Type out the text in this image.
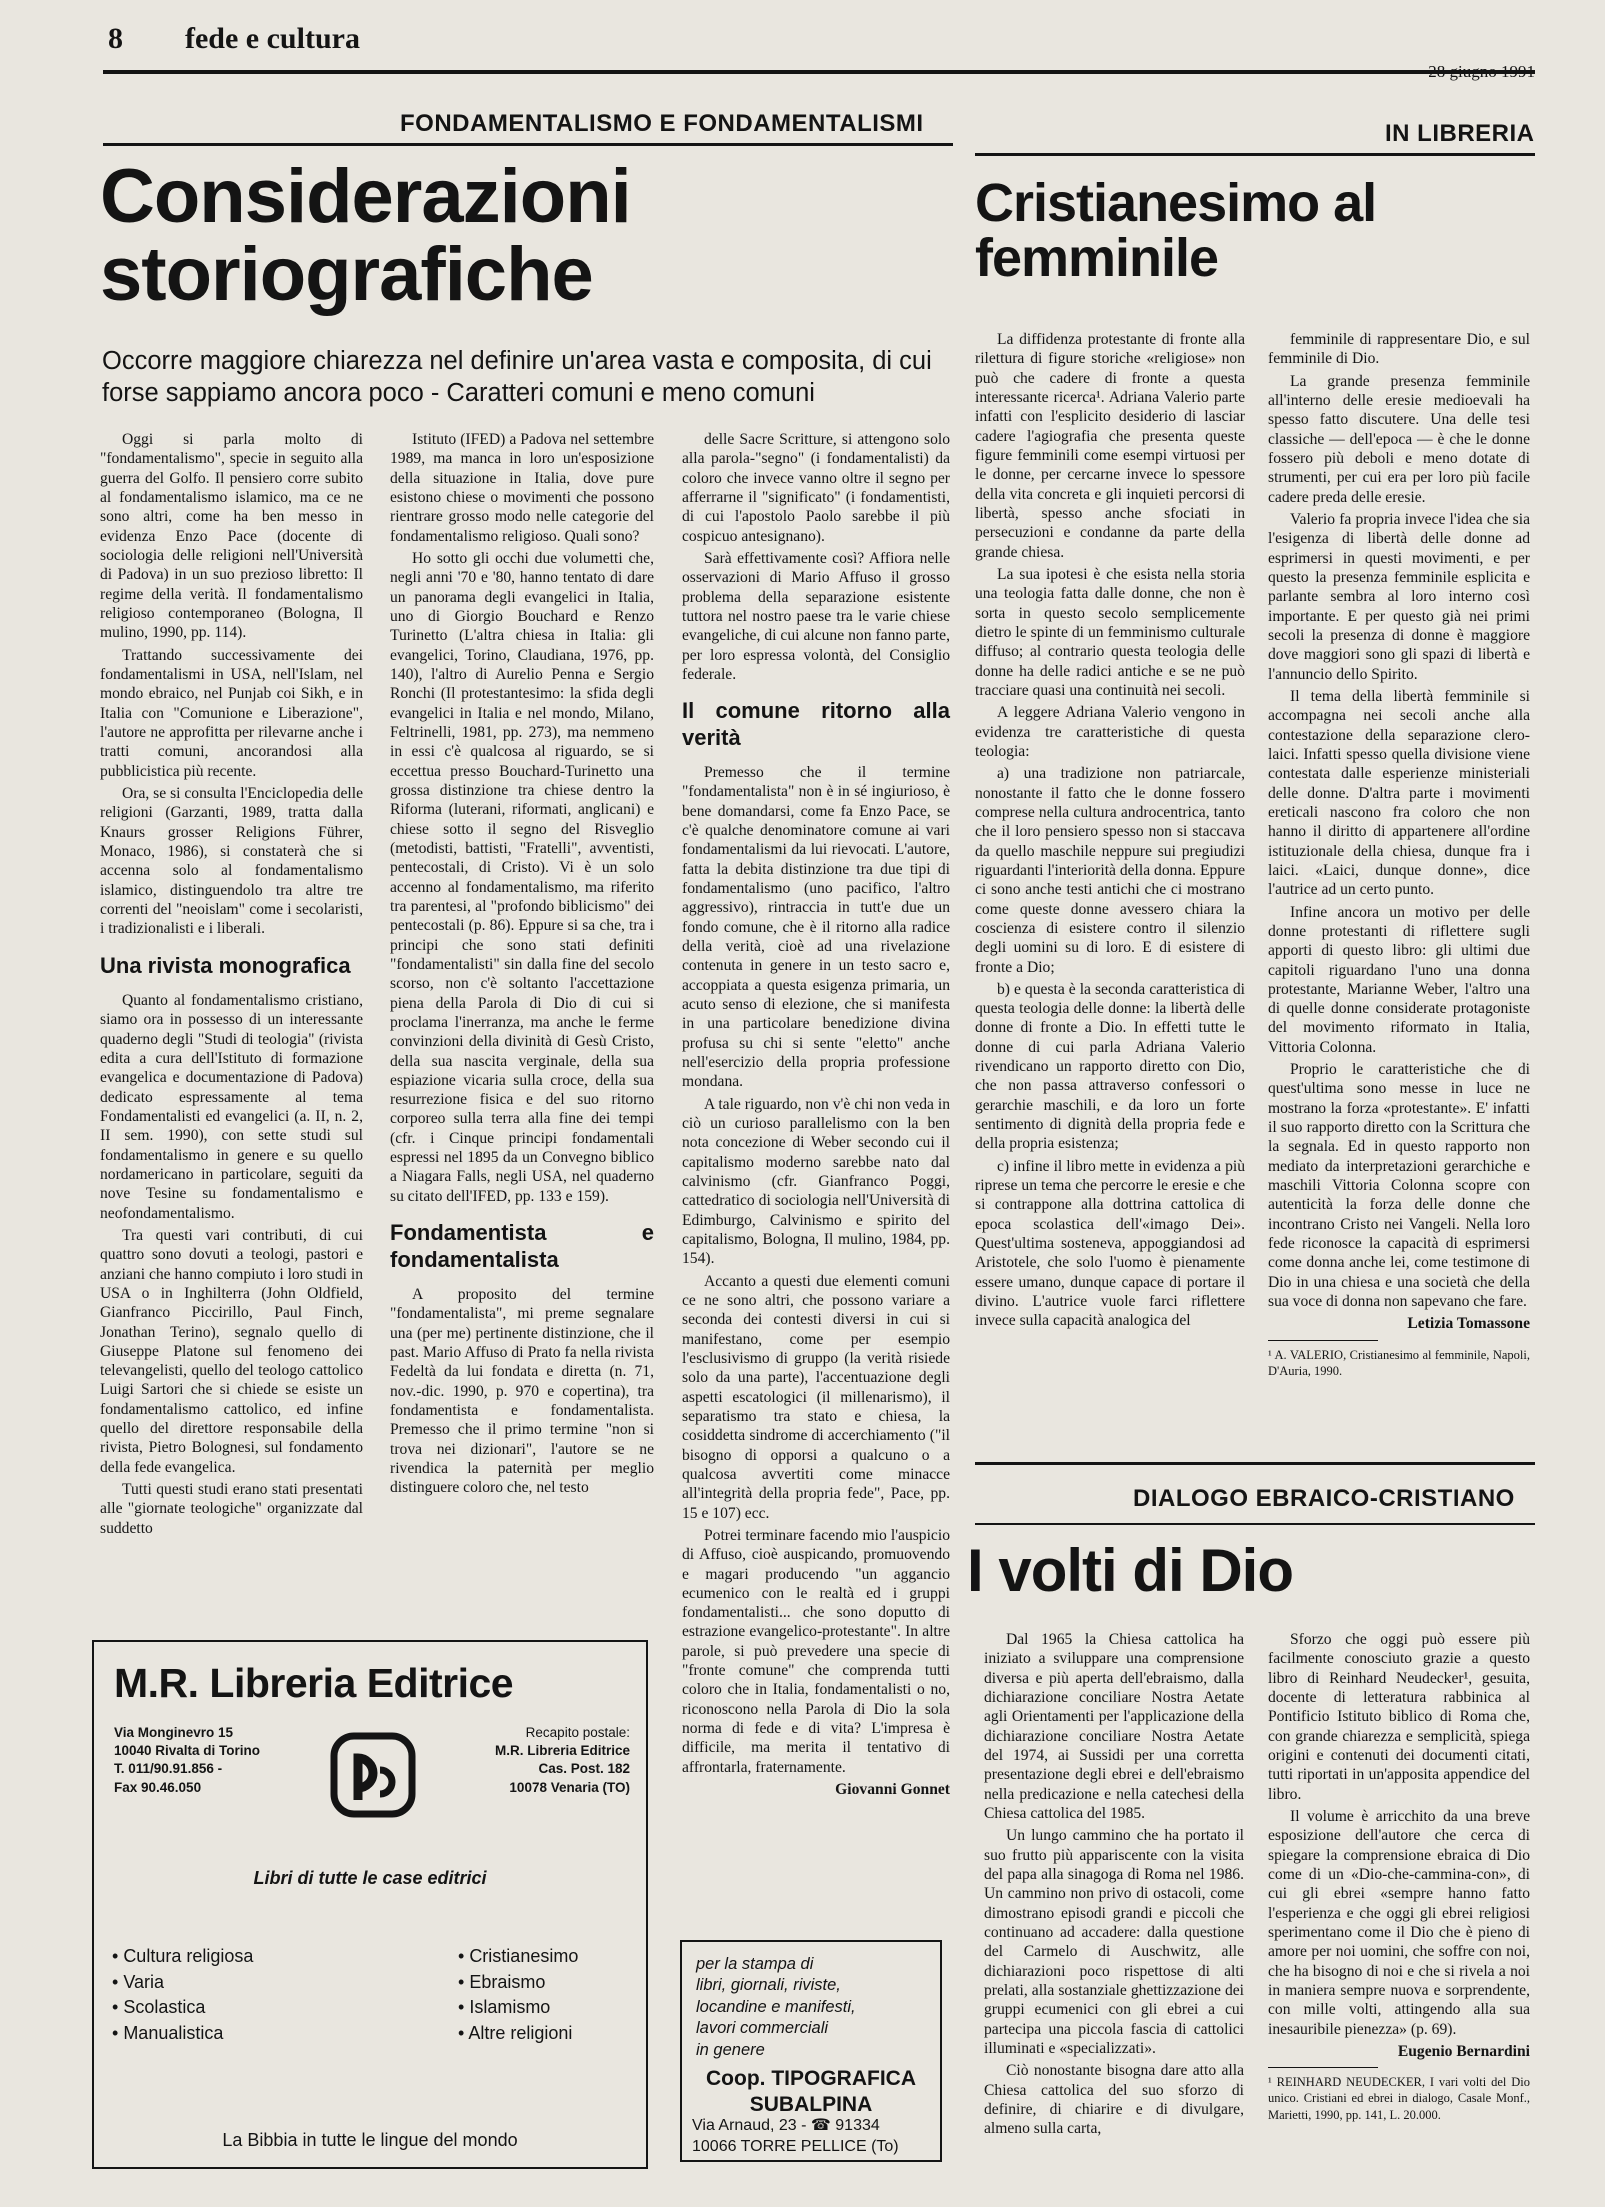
8 fede e cultura
FONDAMENTALISMO E FONDAMENTALISMI
Considerazioni storiografiche
Occorre maggiore chiarezza nel definire un'area vasta e composita, di cui forse sappiamo ancora poco - Caratteri comuni e meno comuni

Oggi si parla molto di "fondamentalismo", specie in seguito alla guerra del Golfo. Il pensiero corre subito al fondamentalismo islamico, ma ce ne sono altri, come ha ben messo in evidenza Enzo Pace (docente di sociologia delle religioni nell'Università di Padova) in un suo prezioso libretto: Il regime della verità. Il fondamentalismo religioso contemporaneo (Bologna, Il mulino, 1990, pp. 114).

Trattando successivamente dei fondamentalismi in USA, nell'Islam, nel mondo ebraico, nel Punjab coi Sikh, e in Italia con "Comunione e Liberazione", l'autore ne approfitta per rilevarne anche i tratti comuni, ancorandosi alla pubblicistica più recente.

Ora, se si consulta l'Enciclopedia delle religioni (Garzanti, 1989, tratta dalla Knaurs grosser Religions Führer, Monaco, 1986), si constaterà che si accenna solo al fondamentalismo islamico, distinguendolo tra altre tre correnti del "neoislam" come i secolaristi, i tradizionalisti e i liberali.

Una rivista monografica

Quanto al fondamentalismo cristiano, siamo ora in possesso di un interessante quaderno degli "Studi di teologia" (rivista edita a cura dell'Istituto di formazione evangelica e documentazione di Padova) dedicato espressamente al tema Fondamentalisti ed evangelici (a. II, n. 2, II sem. 1990), con sette studi sul fondamentalismo in genere e su quello nordamericano in particolare, seguiti da nove Tesine su fondamentalismo e neofondamentalismo.

Tra questi vari contributi, di cui quattro sono dovuti a teologi, pastori e anziani che hanno compiuto i loro studi in USA o in Inghilterra (John Oldfield, Gianfranco Piccirillo, Paul Finch, Jonathan Terino), segnalo quello di Giuseppe Platone sul fenomeno dei televangelisti, quello del teologo cattolico Luigi Sartori che si chiede se esiste un fondamentalismo cattolico, ed infine quello del direttore responsabile della rivista, Pietro Bolognesi, sul fondamento della fede evangelica.

Tutti questi studi erano stati presentati alle "giornate teologiche" organizzate dal suddetto

Istituto (IFED) a Padova nel settembre 1989, ma manca in loro un'esposizione della situazione in Italia, dove pure esistono chiese o movimenti che possono rientrare grosso modo nelle categorie del fondamentalismo religioso. Quali sono?

Ho sotto gli occhi due volumetti che, negli anni '70 e '80, hanno tentato di dare un panorama degli evangelici in Italia, uno di Giorgio Bouchard e Renzo Turinetto (L'altra chiesa in Italia: gli evangelici, Torino, Claudiana, 1976, pp. 140), l'altro di Aurelio Penna e Sergio Ronchi (Il protestantesimo: la sfida degli evangelici in Italia e nel mondo, Milano, Feltrinelli, 1981, pp. 273), ma nemmeno in essi c'è qualcosa al riguardo, se si eccettua presso Bouchard-Turinetto una grossa distinzione tra chiese dentro la Riforma (luterani, riformati, anglicani) e chiese sotto il segno del Risveglio (metodisti, battisti, "Fratelli", avventisti, pentecostali, di Cristo). Vi è un solo accenno al fondamentalismo, ma riferito tra parentesi, al "profondo biblicismo" dei pentecostali (p. 86). Eppure si sa che, tra i principi che sono stati definiti "fondamentalisti" sin dalla fine del secolo scorso, non c'è soltanto l'accettazione piena della Parola di Dio di cui si proclama l'inerranza, ma anche le ferme convinzioni della divinità di Gesù Cristo, della sua nascita verginale, della sua espiazione vicaria sulla croce, della sua resurrezione fisica e del suo ritorno corporeo sulla terra alla fine dei tempi (cfr. i Cinque principi fondamentali espressi nel 1895 da un Convegno biblico a Niagara Falls, negli USA, nel quaderno su citato dell'IFED, pp. 133 e 159).

Fondamentista e fondamentalista

A proposito del termine "fondamentalista", mi preme segnalare una (per me) pertinente distinzione, che il past. Mario Affuso di Prato fa nella rivista Fedeltà da lui fondata e diretta (n. 71, nov.-dic. 1990, p. 970 e copertina), tra fondamentista e fondamentalista. Premesso che il primo termine "non si trova nei dizionari", l'autore se ne rivendica la paternità per meglio distinguere coloro che, nel testo

delle Sacre Scritture, si attengono solo alla parola-"segno" (i fondamentalisti) da coloro che invece vanno oltre il segno per afferrarne il "significato" (i fondamentisti, di cui l'apostolo Paolo sarebbe il più cospicuo antesignano).

Sarà effettivamente così? Affiora nelle osservazioni di Mario Affuso il grosso problema della separazione esistente tuttora nel nostro paese tra le varie chiese evangeliche, di cui alcune non fanno parte, per loro espressa volontà, del Consiglio federale.

Il comune ritorno alla verità

Premesso che il termine "fondamentalista" non è in sé ingiurioso, è bene domandarsi, come fa Enzo Pace, se c'è qualche denominatore comune ai vari fondamentalismi da lui rievocati. L'autore, fatta la debita distinzione tra due tipi di fondamentalismo (uno pacifico, l'altro aggressivo), rintraccia in tutt'e due un fondo comune, che è il ritorno alla radice della verità, cioè ad una rivelazione contenuta in genere in un testo sacro e, accoppiata a questa esigenza primaria, un acuto senso di elezione, che si manifesta in una particolare benedizione divina profusa su chi si sente "eletto" anche nell'esercizio della propria professione mondana.

A tale riguardo, non v'è chi non veda in ciò un curioso parallelismo con la ben nota concezione di Weber secondo cui il capitalismo moderno sarebbe nato dal calvinismo (cfr. Gianfranco Poggi, cattedratico di sociologia nell'Università di Edimburgo, Calvinismo e spirito del capitalismo, Bologna, Il mulino, 1984, pp. 154).

Accanto a questi due elementi comuni ce ne sono altri, che possono variare a seconda dei contesti diversi in cui si manifestano, come per esempio l'esclusivismo di gruppo (la verità risiede solo da una parte), l'accentuazione degli aspetti escatologici (il millenarismo), il separatismo tra stato e chiesa, la cosiddetta sindrome di accerchiamento ("il bisogno di opporsi a qualcuno o a qualcosa avvertiti come minacce all'integrità della propria fede", Pace, pp. 15 e 107) ecc.

Potrei terminare facendo mio l'auspicio di Affuso, cioè auspicando, promuovendo e magari producendo "un aggancio ecumenico con le realtà ed i gruppi fondamentalisti... che sono doputto di estrazione evangelico-protestante". In altre parole, si può prevedere una specie di "fronte comune" che comprenda tutti coloro che in Italia, fondamentalisti o no, riconoscono nella Parola di Dio la sola norma di fede e di vita? L'impresa è difficile, ma merita il tentativo di affrontarla, fraternamente.

Giovanni Gonnet

IN LIBRERIA
Cristianesimo al femminile

La diffidenza protestante di fronte alla rilettura di figure storiche «religiose» non può che cadere di fronte a questa interessante ricerca¹. Adriana Valerio parte infatti con l'esplicito desiderio di lasciar cadere l'agiografia che presenta queste figure femminili come esempi virtuosi per le donne, per cercarne invece lo spessore della vita concreta e gli inquieti percorsi di libertà, spesso anche sfociati in persecuzioni e condanne da parte della grande chiesa.

La sua ipotesi è che esista nella storia una teologia fatta dalle donne, che non è sorta in questo secolo semplicemente dietro le spinte di un femminismo culturale diffuso; al contrario questa teologia delle donne ha delle radici antiche e se ne può tracciare quasi una continuità nei secoli.

A leggere Adriana Valerio vengono in evidenza tre caratteristiche di questa teologia:

a) una tradizione non patriarcale, nonostante il fatto che le donne fossero comprese nella cultura androcentrica, tanto che il loro pensiero spesso non si staccava da quello maschile neppure sui pregiudizi riguardanti l'interiorità della donna. Eppure ci sono anche testi antichi che ci mostrano come queste donne avessero chiara la coscienza di esistere contro il silenzio degli uomini su di loro. E di esistere di fronte a Dio;

b) e questa è la seconda caratteristica di questa teologia delle donne: la libertà delle donne di fronte a Dio. In effetti tutte le donne di cui parla Adriana Valerio rivendicano un rapporto diretto con Dio, che non passa attraverso confessori o gerarchie maschili, e da loro un forte sentimento di dignità della propria fede e della propria esistenza;

c) infine il libro mette in evidenza a più riprese un tema che percorre le eresie e che si contrappone alla dottrina cattolica di epoca scolastica dell'«imago Dei». Quest'ultima sosteneva, appoggiandosi ad Aristotele, che solo l'uomo è pienamente essere umano, dunque capace di portare il divino. L'autrice vuole farci riflettere invece sulla capacità analogica del

femminile di rappresentare Dio, e sul femminile di Dio.

La grande presenza femminile all'interno delle eresie medioevali ha spesso fatto discutere. Una delle tesi classiche — dell'epoca — è che le donne fossero più deboli e meno dotate di strumenti, per cui era per loro più facile cadere preda delle eresie.

Valerio fa propria invece l'idea che sia l'esigenza di libertà delle donne ad esprimersi in questi movimenti, e per questo la presenza femminile esplicita e parlante sembra al loro interno così importante. E per questo già nei primi secoli la presenza di donne è maggiore dove maggiori sono gli spazi di libertà e l'annuncio dello Spirito.

Il tema della libertà femminile si accompagna nei secoli anche alla contestazione della separazione clero-laici. Infatti spesso quella divisione viene contestata dalle esperienze ministeriali delle donne. D'altra parte i movimenti ereticali nascono fra coloro che non hanno il diritto di appartenere all'ordine istituzionale della chiesa, dunque fra i laici. «Laici, dunque donne», dice l'autrice ad un certo punto.

Infine ancora un motivo per delle donne protestanti di riflettere sugli apporti di questo libro: gli ultimi due capitoli riguardano l'uno una donna protestante, Marianne Weber, l'altro una di quelle donne considerate protagoniste del movimento riformato in Italia, Vittoria Colonna.

Proprio le caratteristiche che di quest'ultima sono messe in luce ne mostrano la forza «protestante». E' infatti il suo rapporto diretto con la Scrittura che la segnala. Ed in questo rapporto non mediato da interpretazioni gerarchiche e maschili Vittoria Colonna scopre con autenticità la forza delle donne che incontrano Cristo nei Vangeli. Nella loro fede riconosce la capacità di esprimersi come donna anche lei, come testimone di Dio in una chiesa e una società che della sua voce di donna non sapevano che fare.

Letizia Tomassone

¹ A. VALERIO, Cristianesimo al femminile, Napoli, D'Auria, 1990.
DIALOGO EBRAICO-CRISTIANO
I volti di Dio

Dal 1965 la Chiesa cattolica ha iniziato a sviluppare una comprensione diversa e più aperta dell'ebraismo, dalla dichiarazione conciliare Nostra Aetate agli Orientamenti per l'applicazione della dichiarazione conciliare Nostra Aetate del 1974, ai Sussidi per una corretta presentazione degli ebrei e dell'ebraismo nella predicazione e nella catechesi della Chiesa cattolica del 1985.

Un lungo cammino che ha portato il suo frutto più appariscente con la visita del papa alla sinagoga di Roma nel 1986. Un cammino non privo di ostacoli, come dimostrano episodi grandi e piccoli che continuano ad accadere: dalla questione del Carmelo di Auschwitz, alle dichiarazioni poco rispettose di alti prelati, alla sostanziale ghettizzazione dei gruppi ecumenici con gli ebrei a cui partecipa una piccola fascia di cattolici illuminati e «specializzati».

Ciò nonostante bisogna dare atto alla Chiesa cattolica del suo sforzo di definire, di chiarire e di divulgare, almeno sulla carta,

Sforzo che oggi può essere più facilmente conosciuto grazie a questo libro di Reinhard Neudecker¹, gesuita, docente di letteratura rabbinica al Pontificio Istituto biblico di Roma che, con grande chiarezza e semplicità, spiega origini e contenuti dei documenti citati, tutti riportati in un'apposita appendice del libro.

Il volume è arricchito da una breve esposizione dell'autore che cerca di spiegare la comprensione ebraica di Dio come di un «Dio-che-cammina-con», di cui gli ebrei «sempre hanno fatto l'esperienza e che oggi gli ebrei religiosi sperimentano come il Dio che è pieno di amore per noi uomini, che soffre con noi, che ha bisogno di noi e che si rivela a noi in maniera sempre nuova e sorprendente, con mille volti, attingendo alla sua inesauribile pienezza» (p. 69).

Eugenio Bernardini

¹ REINHARD NEUDECKER, I vari volti del Dio unico. Cristiani ed ebrei in dialogo, Casale Monf., Marietti, 1990, pp. 141, L. 20.000.
M.R. Libreria Editrice
Via Monginevro 15
10040 Rivalta di Torino
T. 011/90.91.856 -
Fax 90.46.050
Recapito postale:
M.R. Libreria Editrice
Cas. Post. 182
10078 Venaria (TO)
Libri di tutte le case editrici
• Cultura religiosa
• Varia
• Scolastica
• Manualistica
• Cristianesimo
• Ebraismo
• Islamismo
• Altre religioni
La Bibbia in tutte le lingue del mondo
per la stampa di
libri, giornali, riviste,
locandine e manifesti,
lavori commerciali
in genere
Coop. TIPOGRAFICA
SUBALPINA
Via Arnaud, 23 - ☎ 91334
10066 TORRE PELLICE (To)
